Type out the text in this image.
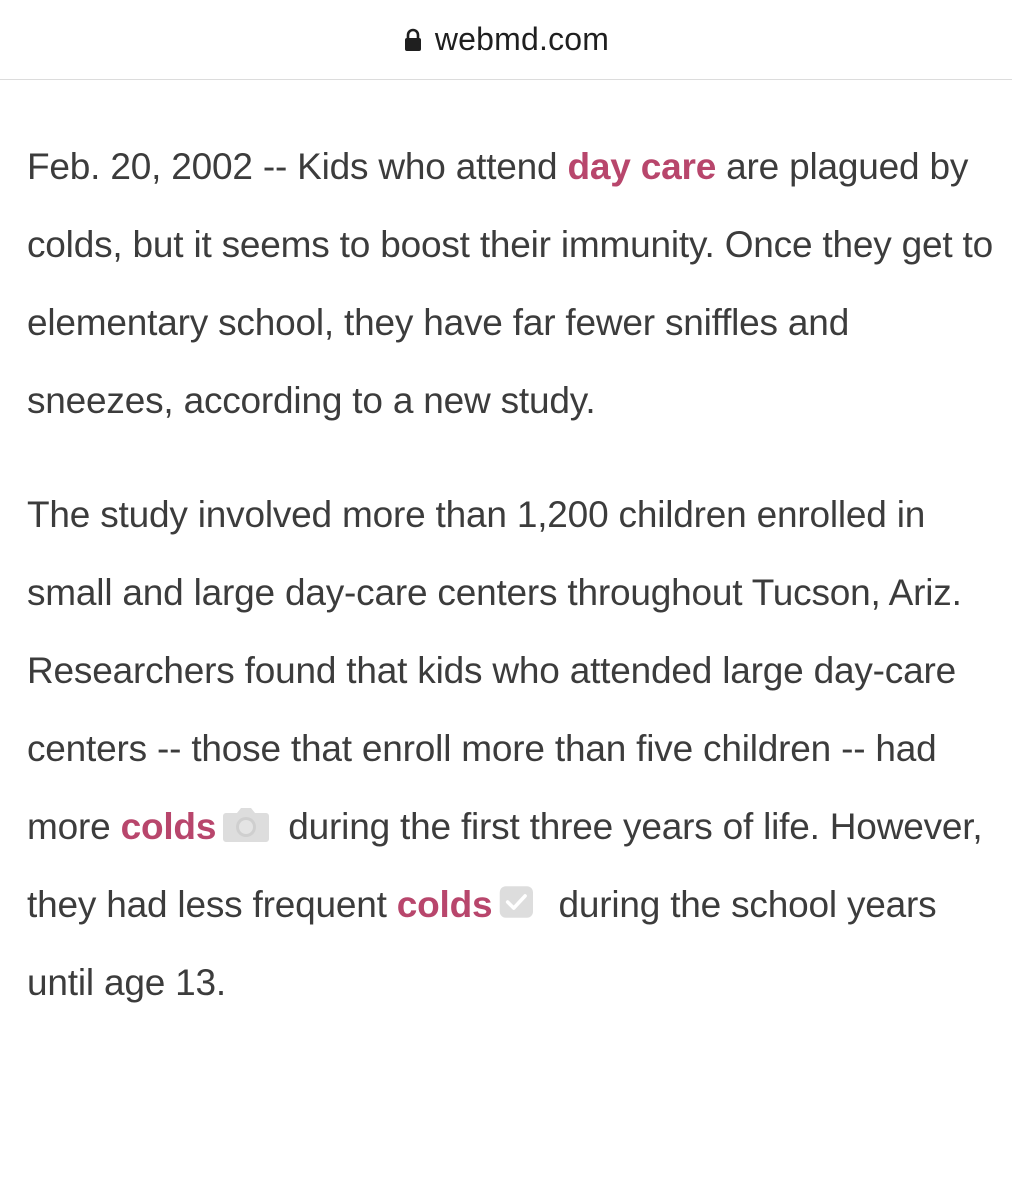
webmd.com

Feb. 20, 2002 -- Kids who attend day care are plagued by colds, but it seems to boost their immunity. Once they get to elementary school, they have far fewer sniffles and sneezes, according to a new study.

The study involved more than 1,200 children enrolled in small and large day-care centers throughout Tucson, Ariz. Researchers found that kids who attended large day-care centers -- those that enroll more than five children -- had more colds during the first three years of life. However, they had less frequent colds during the school years until age 13.
